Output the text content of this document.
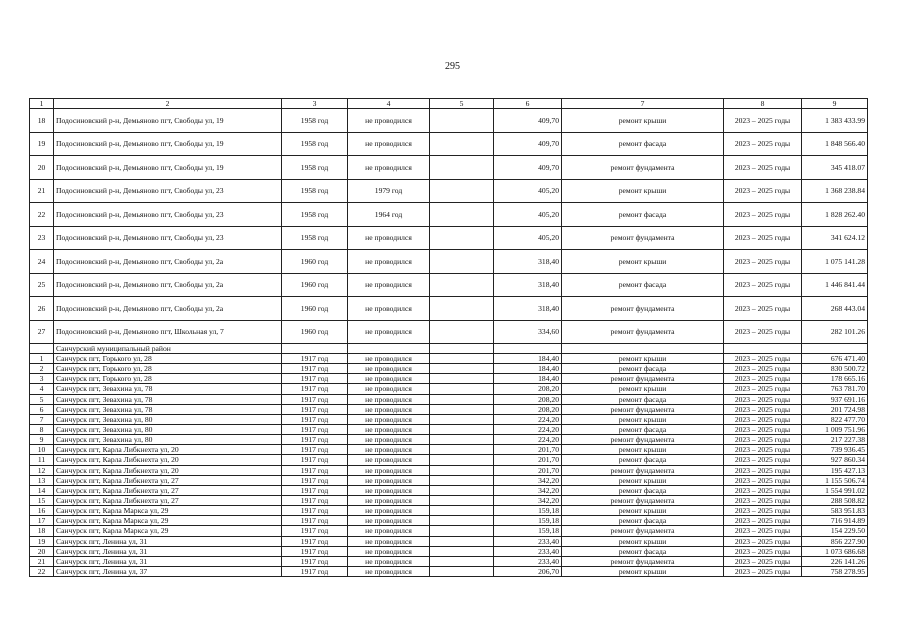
295
1	2	3	4	5	6	7	8	9
18	Подосиновский р-н, Демьяново пгт, Свободы ул, 19	1958 год	не проводился		409,70	ремонт крыши	2023 – 2025 годы	1 383 433.99
19	Подосиновский р-н, Демьяново пгт, Свободы ул, 19	1958 год	не проводился		409,70	ремонт фасада	2023 – 2025 годы	1 848 566.40
20	Подосиновский р-н, Демьяново пгт, Свободы ул, 19	1958 год	не проводился		409,70	ремонт фундамента	2023 – 2025 годы	345 418.07
21	Подосиновский р-н, Демьяново пгт, Свободы ул, 23	1958 год	1979 год		405,20	ремонт крыши	2023 – 2025 годы	1 368 238.84
22	Подосиновский р-н, Демьяново пгт, Свободы ул, 23	1958 год	1964 год		405,20	ремонт фасада	2023 – 2025 годы	1 828 262.40
23	Подосиновский р-н, Демьяново пгт, Свободы ул, 23	1958 год	не проводился		405,20	ремонт фундамента	2023 – 2025 годы	341 624.12
24	Подосиновский р-н, Демьяново пгт, Свободы ул, 2а	1960 год	не проводился		318,40	ремонт крыши	2023 – 2025 годы	1 075 141.28
25	Подосиновский р-н, Демьяново пгт, Свободы ул, 2а	1960 год	не проводился		318,40	ремонт фасада	2023 – 2025 годы	1 446 841.44
26	Подосиновский р-н, Демьяново пгт, Свободы ул, 2а	1960 год	не проводился		318,40	ремонт фундамента	2023 – 2025 годы	268 443.04
27	Подосиновский р-н, Демьяново пгт, Школьная ул, 7	1960 год	не проводился		334,60	ремонт фундамента	2023 – 2025 годы	282 101.26
	Санчурский муниципальный район							
1	Санчурск пгт, Горького ул, 28	1917 год	не проводился		184,40	ремонт крыши	2023 – 2025 годы	676 471.40
2	Санчурск пгт, Горького ул, 28	1917 год	не проводился		184,40	ремонт фасада	2023 – 2025 годы	830 500.72
3	Санчурск пгт, Горького ул, 28	1917 год	не проводился		184,40	ремонт фундамента	2023 – 2025 годы	178 665.16
4	Санчурск пгт, Зевахина ул, 78	1917 год	не проводился		208,20	ремонт крыши	2023 – 2025 годы	763 781.70
5	Санчурск пгт, Зевахина ул, 78	1917 год	не проводился		208,20	ремонт фасада	2023 – 2025 годы	937 691.16
6	Санчурск пгт, Зевахина ул, 78	1917 год	не проводился		208,20	ремонт фундамента	2023 – 2025 годы	201 724.98
7	Санчурск пгт, Зевахина ул, 80	1917 год	не проводился		224,20	ремонт крыши	2023 – 2025 годы	822 477.70
8	Санчурск пгт, Зевахина ул, 80	1917 год	не проводился		224,20	ремонт фасада	2023 – 2025 годы	1 009 751.96
9	Санчурск пгт, Зевахина ул, 80	1917 год	не проводился		224,20	ремонт фундамента	2023 – 2025 годы	217 227.38
10	Санчурск пгт, Карла Либкнехта ул, 20	1917 год	не проводился		201,70	ремонт крыши	2023 – 2025 годы	739 936.45
11	Санчурск пгт, Карла Либкнехта ул, 20	1917 год	не проводился		201,70	ремонт фасада	2023 – 2025 годы	927 860.34
12	Санчурск пгт, Карла Либкнехта ул, 20	1917 год	не проводился		201,70	ремонт фундамента	2023 – 2025 годы	195 427.13
13	Санчурск пгт, Карла Либкнехта ул, 27	1917 год	не проводился		342,20	ремонт крыши	2023 – 2025 годы	1 155 506.74
14	Санчурск пгт, Карла Либкнехта ул, 27	1917 год	не проводился		342,20	ремонт фасада	2023 – 2025 годы	1 554 991.02
15	Санчурск пгт, Карла Либкнехта ул, 27	1917 год	не проводился		342,20	ремонт фундамента	2023 – 2025 годы	288 508.82
16	Санчурск пгт, Карла Маркса ул, 29	1917 год	не проводился		159,18	ремонт крыши	2023 – 2025 годы	583 951.83
17	Санчурск пгт, Карла Маркса ул, 29	1917 год	не проводился		159,18	ремонт фасада	2023 – 2025 годы	716 914.89
18	Санчурск пгт, Карла Маркса ул, 29	1917 год	не проводился		159,18	ремонт фундамента	2023 – 2025 годы	154 229.50
19	Санчурск пгт, Ленина ул, 31	1917 год	не проводился		233,40	ремонт крыши	2023 – 2025 годы	856 227.90
20	Санчурск пгт, Ленина ул, 31	1917 год	не проводился		233,40	ремонт фасада	2023 – 2025 годы	1 073 686.68
21	Санчурск пгт, Ленина ул, 31	1917 год	не проводился		233,40	ремонт фундамента	2023 – 2025 годы	226 141.26
22	Санчурск пгт, Ленина ул, 37	1917 год	не проводился		206,70	ремонт крыши	2023 – 2025 годы	758 278.95
